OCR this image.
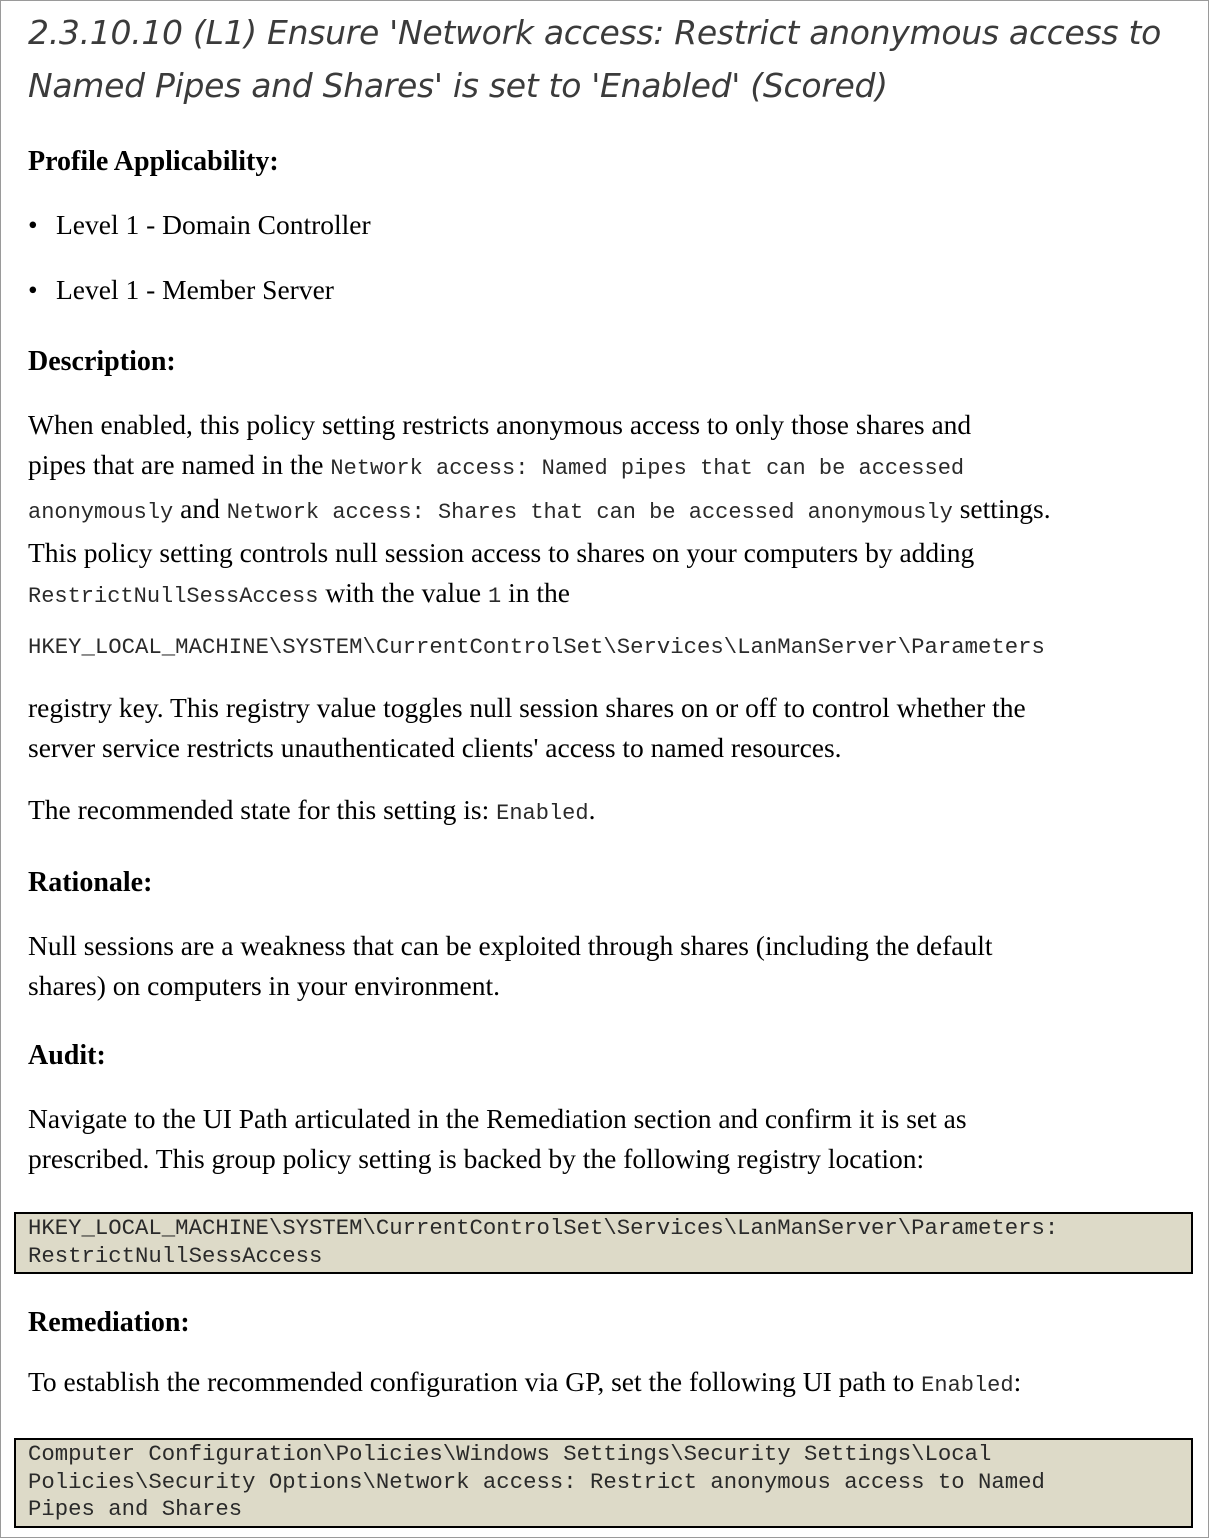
2.3.10.10 (L1) Ensure 'Network access: Restrict anonymous access to
Named Pipes and Shares' is set to 'Enabled' (Scored)
Profile Applicability:

• Level 1 - Domain Controller

• Level 1 - Member Server

Description:

When enabled, this policy setting restricts anonymous access to only those shares and
pipes that are named in the Network access: Named pipes that can be accessed
anonymously and Network access: Shares that can be accessed anonymously settings.
This policy setting controls null session access to shares on your computers by adding
RestrictNullSessAccess with the value 1 in the

HKEY_LOCAL_MACHINE\SYSTEM\CurrentControlSet\Services\LanManServer\Parameters

registry key. This registry value toggles null session shares on or off to control whether the
server service restricts unauthenticated clients' access to named resources.

The recommended state for this setting is: Enabled.

Rationale:

Null sessions are a weakness that can be exploited through shares (including the default
shares) on computers in your environment.

Audit:

Navigate to the UI Path articulated in the Remediation section and confirm it is set as
prescribed. This group policy setting is backed by the following registry location:

HKEY_LOCAL_MACHINE\SYSTEM\CurrentControlSet\Services\LanManServer\Parameters:
RestrictNullSessAccess
Remediation:

To establish the recommended configuration via GP, set the following UI path to Enabled:

Computer Configuration\Policies\Windows Settings\Security Settings\Local
Policies\Security Options\Network access: Restrict anonymous access to Named
Pipes and Shares
